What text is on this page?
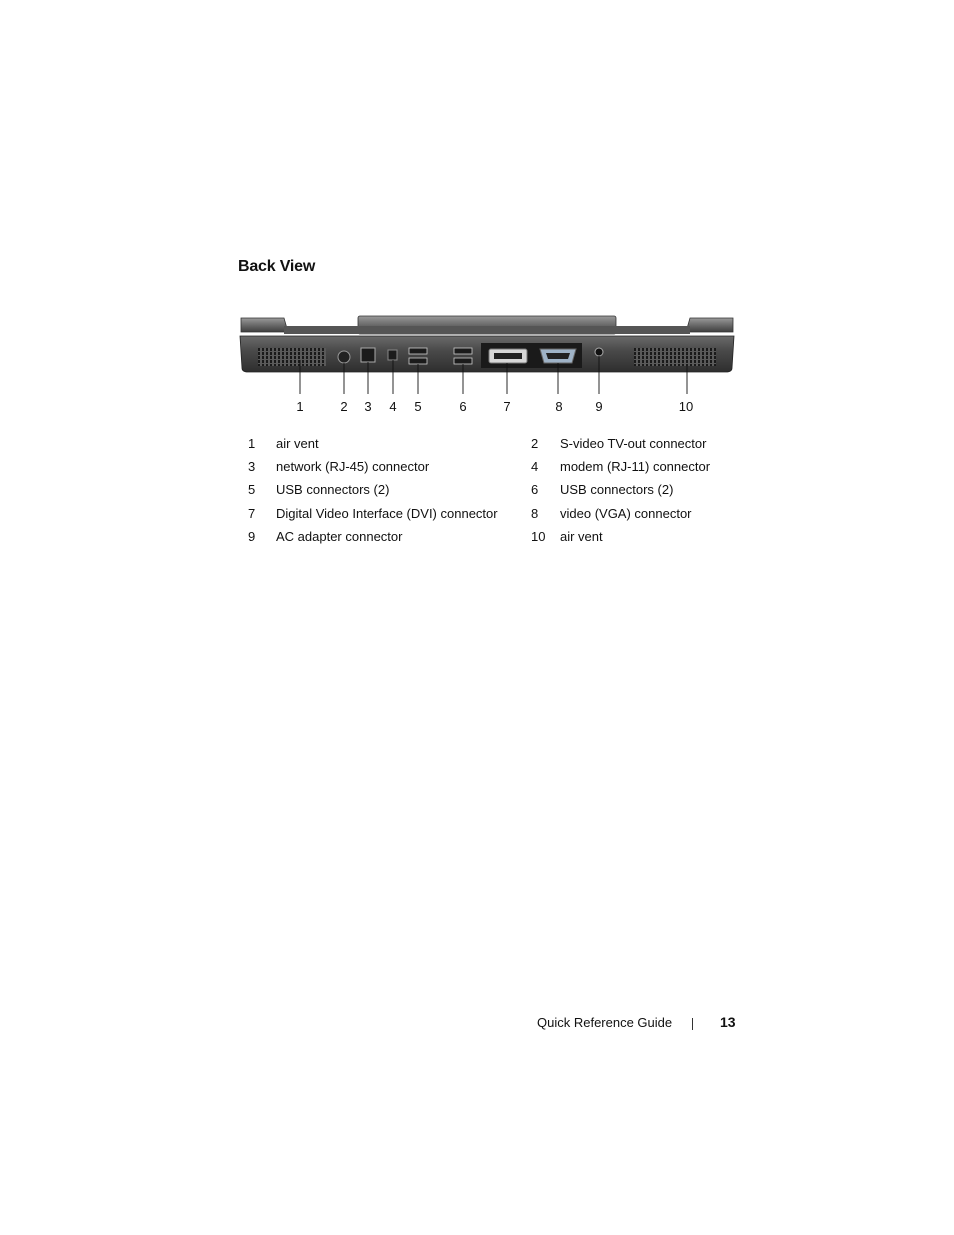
Back View
1	2 3 4 5	6	7	8	9	10
1 air vent	2 S-video TV-out connector
3 network (RJ-45) connector	4 modem (RJ-11) connector
5 USB connectors (2)	6 USB connectors (2)
7 Digital Video Interface (DVI) connector	8 video (VGA) connector
9 AC adapter connector	10 air vent
Quick Reference Guide	13
